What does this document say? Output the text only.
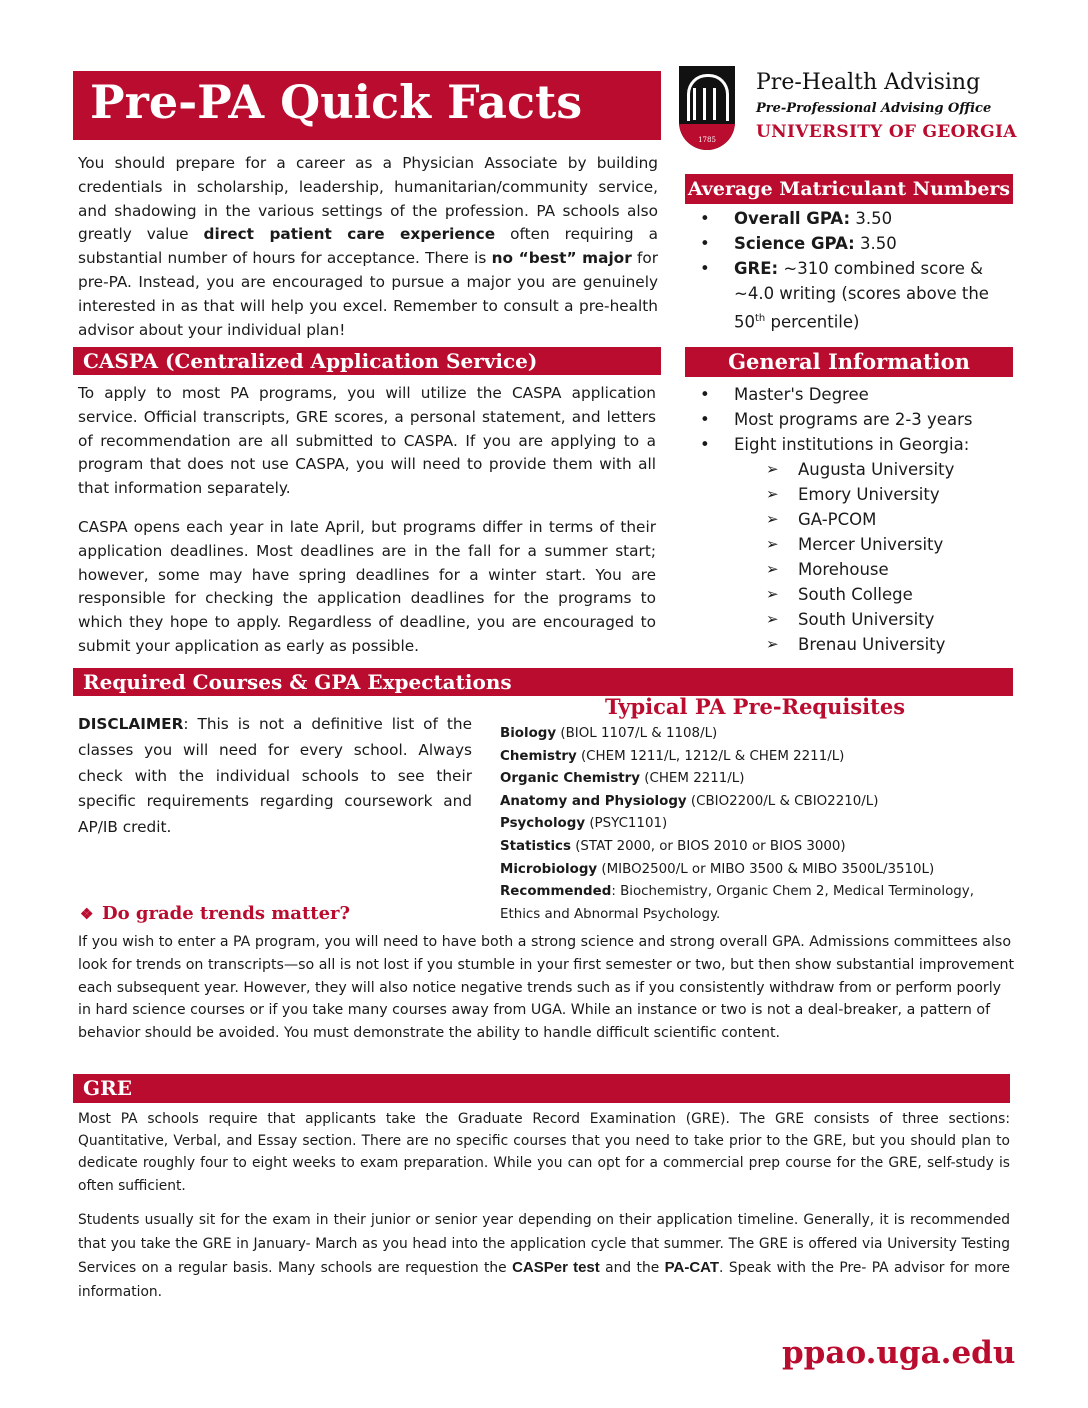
Pre-PA Quick Facts
1785
Pre-Health Advising
Pre-Professional Advising Office
UNIVERSITY OF GEORGIA
You should prepare for a career as a Physician Associate by building credentials in scholarship, leadership, humanitarian/community service, and shadowing in the various settings of the profession. PA schools also greatly value direct patient care experience often requiring a substantial number of hours for acceptance. There is no “best” major for pre-PA. Instead, you are encouraged to pursue a major you are genuinely interested in as that will help you excel. Remember to consult a pre-health advisor about your individual plan!
Average Matriculant Numbers
• Overall GPA: 3.50
• Science GPA: 3.50
• GRE: ~310 combined score & ~4.0 writing (scores above the 50th percentile)
CASPA (Centralized Application Service)
To apply to most PA programs, you will utilize the CASPA application service. Official transcripts, GRE scores, a personal statement, and letters of recommendation are all submitted to CASPA. If you are applying to a program that does not use CASPA, you will need to provide them with all that information separately.
CASPA opens each year in late April, but programs differ in terms of their application deadlines. Most deadlines are in the fall for a summer start; however, some may have spring deadlines for a winter start. You are responsible for checking the application deadlines for the programs to which they hope to apply. Regardless of deadline, you are encouraged to submit your application as early as possible.
General Information
• Master's Degree
• Most programs are 2-3 years
• Eight institutions in Georgia:
➢ Augusta University
➢ Emory University
➢ GA-PCOM
➢ Mercer University
➢ Morehouse
➢ South College
➢ South University
➢ Brenau University
Required Courses & GPA Expectations
DISCLAIMER: This is not a definitive list of the classes you will need for every school. Always check with the individual schools to see their specific requirements regarding coursework and AP/IB credit.
Typical PA Pre-Requisites
Biology (BIOL 1107/L & 1108/L)
Chemistry (CHEM 1211/L, 1212/L & CHEM 2211/L)
Organic Chemistry (CHEM 2211/L)
Anatomy and Physiology (CBIO2200/L & CBIO2210/L)
Psychology (PSYC1101)
Statistics (STAT 2000, or BIOS 2010 or BIOS 3000)
Microbiology (MIBO2500/L or MIBO 3500 & MIBO 3500L/3510L)
Recommended: Biochemistry, Organic Chem 2, Medical Terminology,
Ethics and Abnormal Psychology.
❖ Do grade trends matter?
If you wish to enter a PA program, you will need to have both a strong science and strong overall GPA. Admissions committees also look for trends on transcripts—so all is not lost if you stumble in your first semester or two, but then show substantial improvement each subsequent year. However, they will also notice negative trends such as if you consistently withdraw from or perform poorly in hard science courses or if you take many courses away from UGA. While an instance or two is not a deal-breaker, a pattern of behavior should be avoided. You must demonstrate the ability to handle difficult scientific content.
GRE
Most PA schools require that applicants take the Graduate Record Examination (GRE). The GRE consists of three sections: Quantitative, Verbal, and Essay section. There are no specific courses that you need to take prior to the GRE, but you should plan to dedicate roughly four to eight weeks to exam preparation. While you can opt for a commercial prep course for the GRE, self-study is often sufficient.
Students usually sit for the exam in their junior or senior year depending on their application timeline. Generally, it is recommended that you take the GRE in January- March as you head into the application cycle that summer. The GRE is offered via University Testing Services on a regular basis. Many schools are requestion the CASPer test and the PA-CAT. Speak with the Pre- PA advisor for more information.
ppao.uga.edu
